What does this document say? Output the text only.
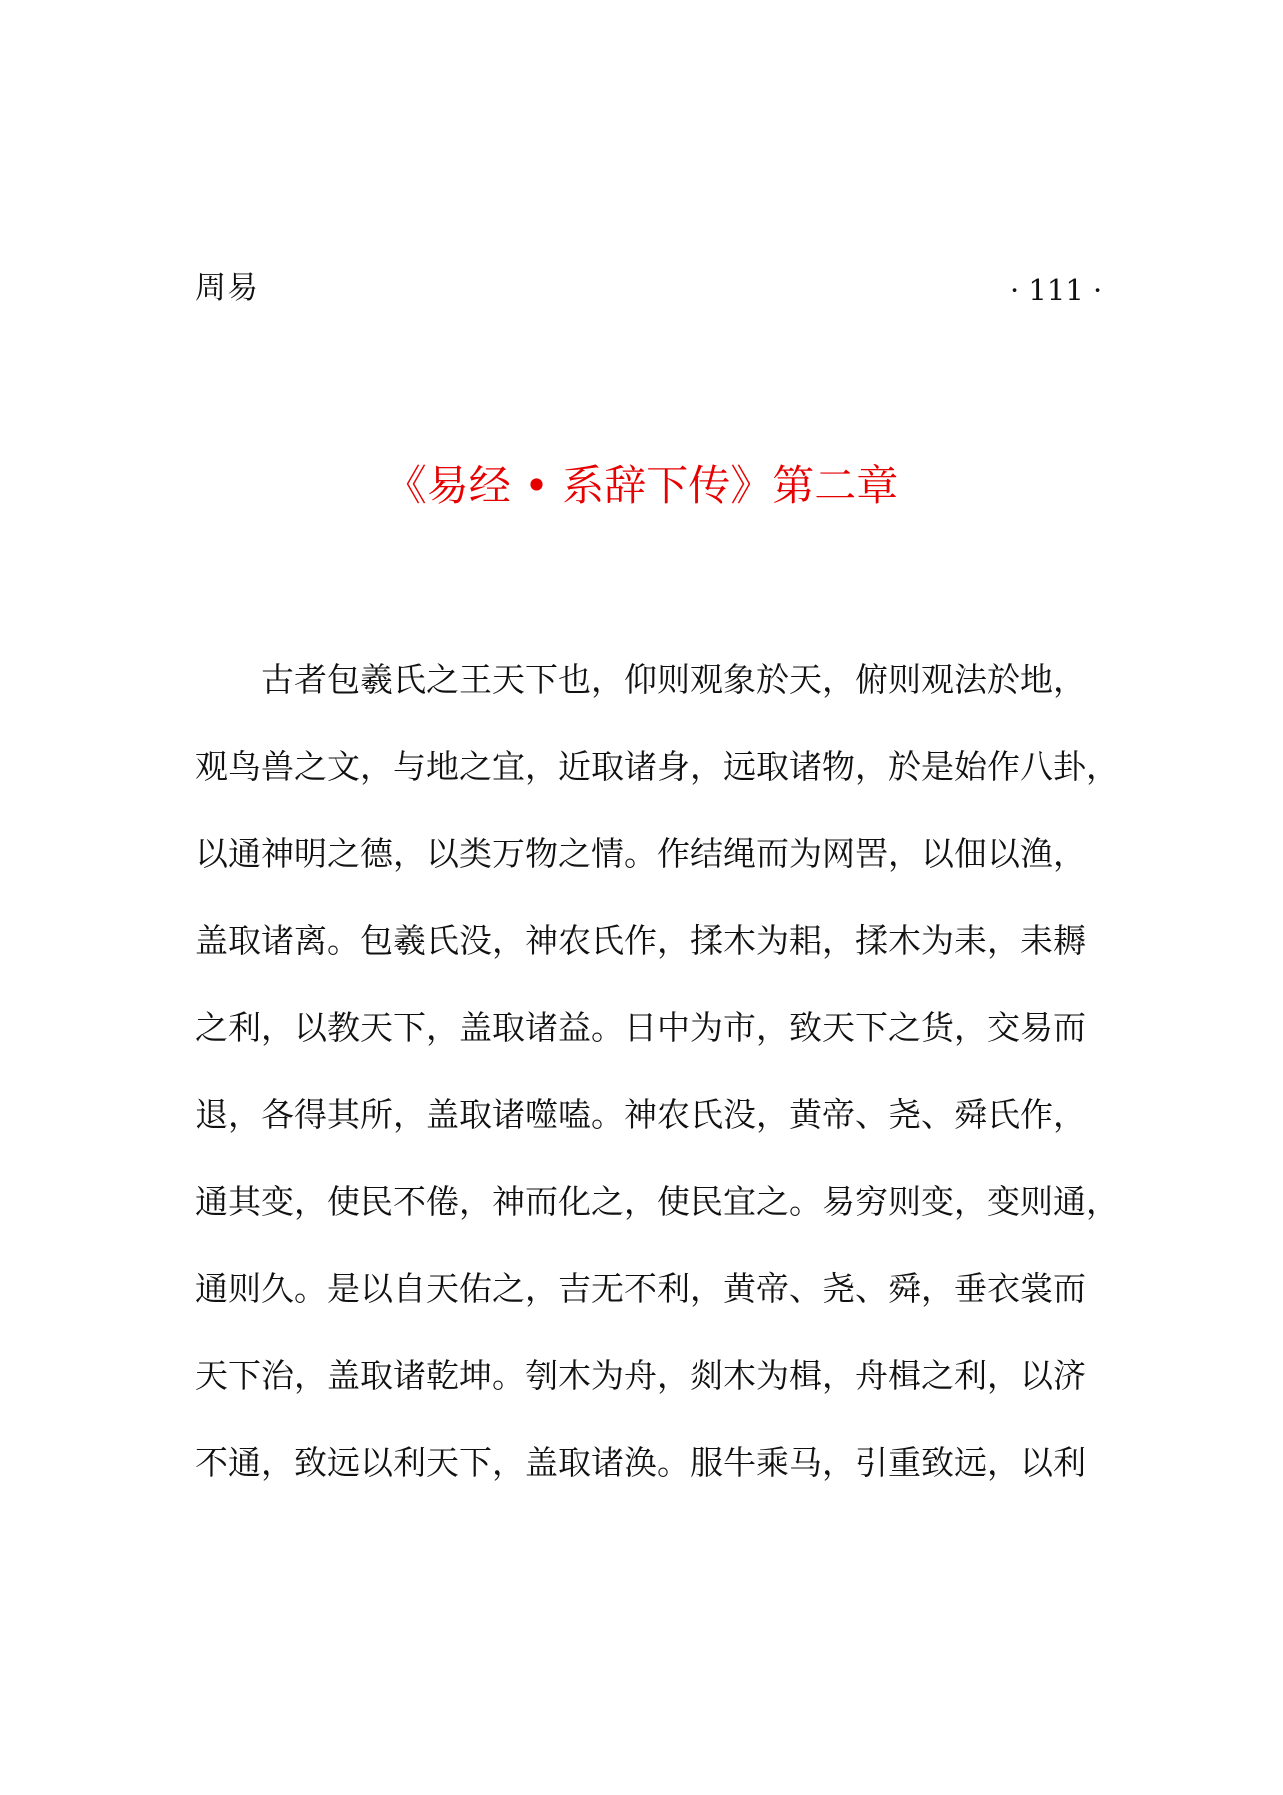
周易	· 111 ·
《易经 • 系辞下传》第二章
　　古者包羲氏之王天下也，仰则观象於天，俯则观法於地，
观鸟兽之文，与地之宜，近取诸身，远取诸物，於是始作八卦，
以通神明之德，以类万物之情。作结绳而为网罟，以佃以渔，
盖取诸离。包羲氏没，神农氏作，揉木为耜，揉木为耒，耒耨
之利，以教天下，盖取诸益。日中为市，致天下之货，交易而
退，各得其所，盖取诸噬嗑。神农氏没，黄帝、尧、舜氏作，
通其变，使民不倦，神而化之，使民宜之。易穷则变，变则通，
通则久。是以自天佑之，吉无不利，黄帝、尧、舜，垂衣裳而
天下治，盖取诸乾坤。刳木为舟，剡木为楫，舟楫之利，以济
不通，致远以利天下，盖取诸涣。服牛乘马，引重致远，以利
